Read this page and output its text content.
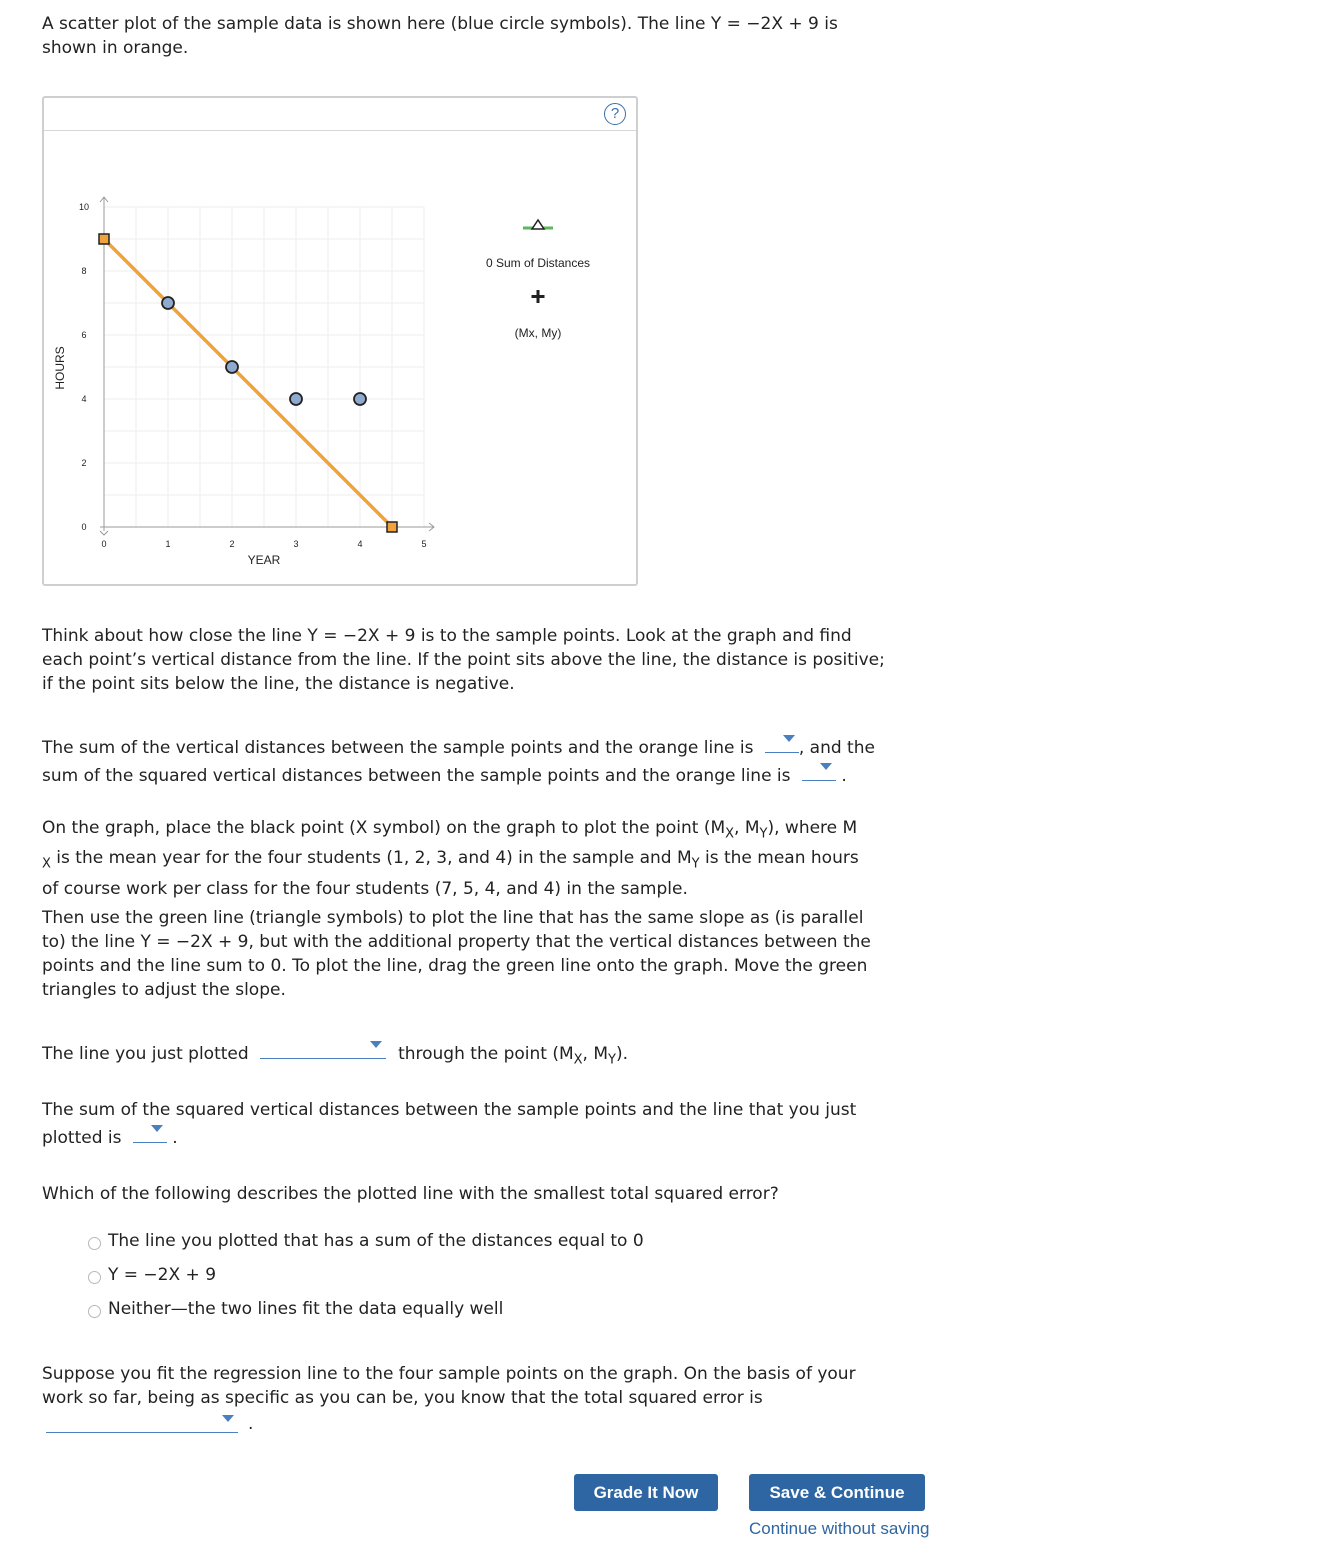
A scatter plot of the sample data is shown here (blue circle symbols). The line Y = −2X + 9 is
shown in orange.

?
0	1	2	3	4	5
0
2
4
6
8
10
YEAR
HOURS
0 Sum of Distances
(Mx, My)

Think about how close the line Y = −2X + 9 is to the sample points. Look at the graph and find
each point’s vertical distance from the line. If the point sits above the line, the distance is positive;
if the point sits below the line, the distance is negative.

The sum of the vertical distances between the sample points and the orange line is	, and the
sum of the squared vertical distances between the sample points and the orange line is	.

On the graph, place the black point (X symbol) on the graph to plot the point ($M_X$, $M_Y$), where M
$_X$ is the mean year for the four students (1, 2, 3, and 4) in the sample and $M_Y$ is the mean hours
of course work per class for the four students (7, 5, 4, and 4) in the sample.

Then use the green line (triangle symbols) to plot the line that has the same slope as (is parallel
to) the line Y = −2X + 9, but with the additional property that the vertical distances between the
points and the line sum to 0. To plot the line, drag the green line onto the graph. Move the green
triangles to adjust the slope.

The line you just plotted	through the point ($M_X$, $M_Y$).

The sum of the squared vertical distances between the sample points and the line that you just
plotted is	.

Which of the following describes the plotted line with the smallest total squared error?

The line you plotted that has a sum of the distances equal to 0
Y = −2X + 9
Neither—the two lines fit the data equally well

Suppose you fit the regression line to the four sample points on the graph. On the basis of your
work so far, being as specific as you can be, you know that the total squared error is

.
Grade It Now	Save & Continue
Continue without saving
